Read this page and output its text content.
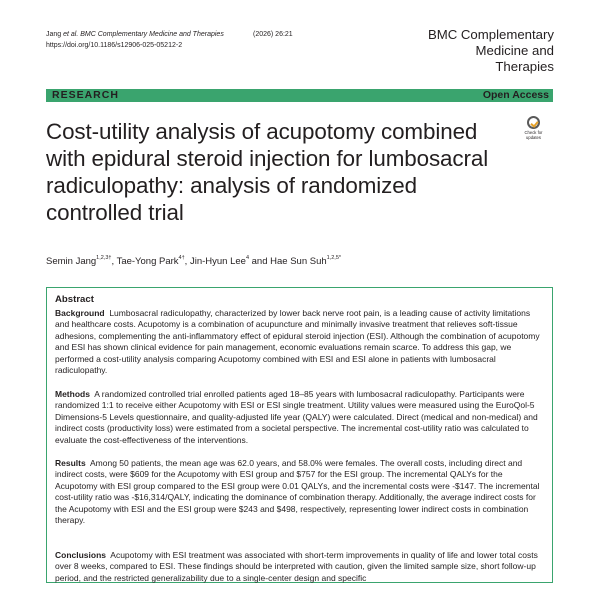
Jang et al. BMC Complementary Medicine and Therapies	(2026) 26:21
https://doi.org/10.1186/s12906-025-05212-2
BMC Complementary
Medicine and Therapies
RESEARCH	Open Access
Check for
updates
Cost-utility analysis of acupotomy combined with epidural steroid injection for lumbosacral radiculopathy: analysis of randomized controlled trial
Semin Jang$^{1,2,3\dagger}$, Tae-Yong Park$^{4\dagger}$, Jin-Hyun Lee$^4$ and Hae Sun Suh$^{1,2,5*}$
Abstract
Background Lumbosacral radiculopathy, characterized by lower back nerve root pain, is a leading cause of activity limitations and healthcare costs. Acupotomy is a combination of acupuncture and minimally invasive treatment that relieves soft-tissue adhesions, complementing the anti-inflammatory effect of epidural steroid injection (ESI). Although the combination of acupotomy and ESI has shown clinical evidence for pain management, economic evaluations remain scarce. To address this gap, we performed a cost-utility analysis comparing Acupotomy combined with ESI and ESI alone in patients with lumbosacral radiculopathy.
Methods A randomized controlled trial enrolled patients aged 18–85 years with lumbosacral radiculopathy. Participants were randomized 1:1 to receive either Acupotomy with ESI or ESI single treatment. Utility values were measured using the EuroQol-5 Dimensions-5 Levels questionnaire, and quality-adjusted life year (QALY) were calculated. Direct (medical and non-medical) and indirect costs (productivity loss) were estimated from a societal perspective. The incremental cost-utility ratio was calculated to evaluate the cost-effectiveness of the interventions.
Results Among 50 patients, the mean age was 62.0 years, and 58.0% were females. The overall costs, including direct and indirect costs, were $609 for the Acupotomy with ESI group and $757 for the ESI group. The incremental QALYs for the Acupotomy with ESI group compared to the ESI group were 0.01 QALYs, and the incremental costs were -$147. The incremental cost-utility ratio was -$16,314/QALY, indicating the dominance of combination therapy. Additionally, the average indirect costs for the Acupotomy with ESI and the ESI group were $243 and $498, respectively, representing lower indirect costs in combination therapy.
Conclusions Acupotomy with ESI treatment was associated with short-term improvements in quality of life and lower total costs over 8 weeks, compared to ESI. These findings should be interpreted with caution, given the limited sample size, short follow-up period, and the restricted generalizability due to a single-center design and specific
